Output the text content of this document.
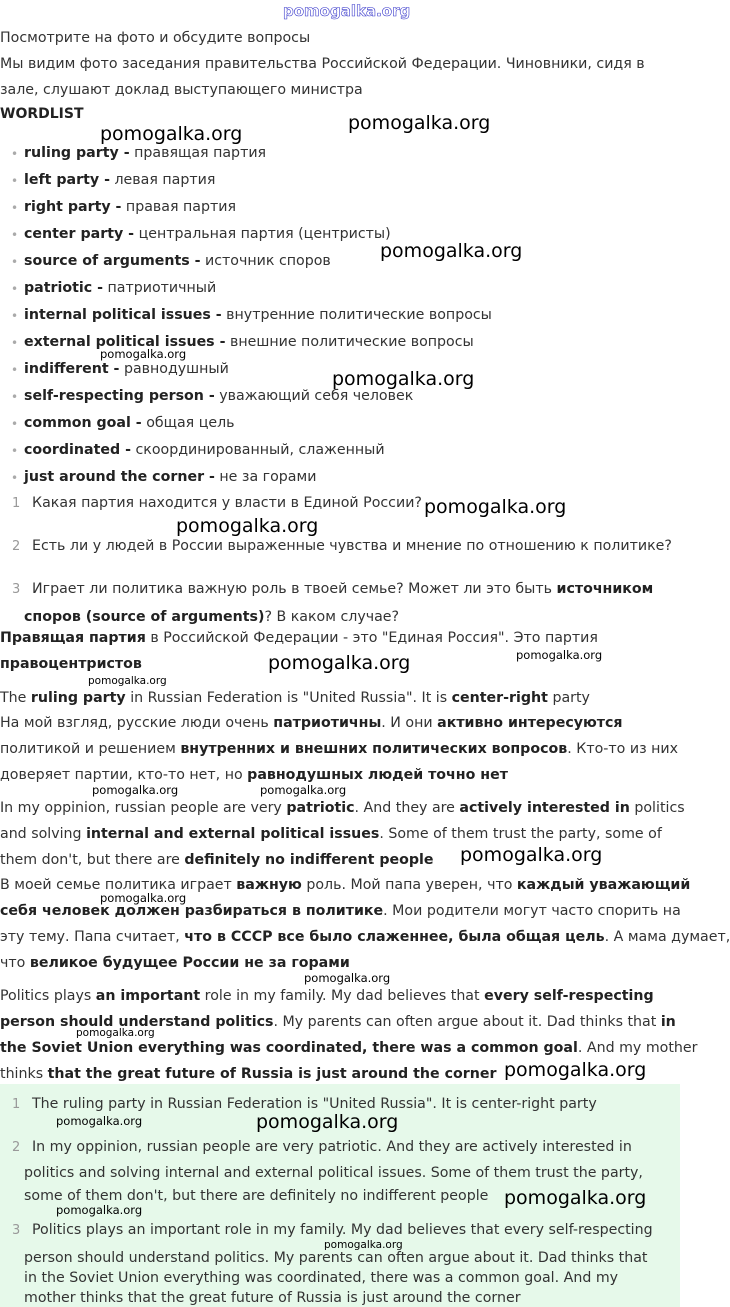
pomogalka.org
pomogalka.org	pomogalka.org
pomogalka.org
pomogalka.org
pomogalka.org
pomogalka.org
pomogalka.org
pomogalka.org	pomogalka.org
pomogalka.org
pomogalka.org	pomogalka.org
pomogalka.org
pomogalka.org
pomogalka.org
pomogalka.org
pomogalka.org
pomogalka.org	pomogalka.org
pomogalka.org
pomogalka.org
pomogalka.org
Посмотрите на фото и обсудите вопросы
Мы видим фото заседания правительства Российской Федерации. Чиновники, сидя в
зале, слушают доклад выступающего министра
WORDLIST
• ruling party - правящая партия
• left party - левая партия
• right party - правая партия
• center party - центральная партия (центристы)
• source of arguments - источник споров
• patriotic - патриотичный
• internal political issues - внутренние политические вопросы
• external political issues - внешние политические вопросы
• indifferent - равнодушный
• self-respecting person - уважающий себя человек
• common goal - общая цель
• coordinated - скоординированный, слаженный
• just around the corner - не за горами
1 Какая партия находится у власти в Единой России?
2 Есть ли у людей в России выраженные чувства и мнение по отношению к политике?
3 Играет ли политика важную роль в твоей семье? Может ли это быть источником
споров (source of arguments)? В каком случае?
Правящая партия в Российской Федерации - это "Единая Россия". Это партия
правоцентристов
The ruling party in Russian Federation is "United Russia". It is center-right party
На мой взгляд, русские люди очень патриотичны. И они активно интересуются
политикой и решением внутренних и внешних политических вопросов. Кто-то из них
доверяет партии, кто-то нет, но равнодушных людей точно нет
In my oppinion, russian people are very patriotic. And they are actively interested in politics
and solving internal and external political issues. Some of them trust the party, some of
them don't, but there are definitely no indifferent people
В моей семье политика играет важную роль. Мой папа уверен, что каждый уважающий
себя человек должен разбираться в политике. Мои родители могут часто спорить на
эту тему. Папа считает, что в СССР все было слаженнее, была общая цель. А мама думает,
что великое будущее России не за горами
Politics plays an important role in my family. My dad believes that every self-respecting
person should understand politics. My parents can often argue about it. Dad thinks that in
the Soviet Union everything was coordinated, there was a common goal. And my mother
thinks that the great future of Russia is just around the corner
1 The ruling party in Russian Federation is "United Russia". It is center-right party
2 In my oppinion, russian people are very patriotic. And they are actively interested in
politics and solving internal and external political issues. Some of them trust the party,
some of them don't, but there are definitely no indifferent people
3 Politics plays an important role in my family. My dad believes that every self-respecting
person should understand politics. My parents can often argue about it. Dad thinks that
in the Soviet Union everything was coordinated, there was a common goal. And my
mother thinks that the great future of Russia is just around the corner
